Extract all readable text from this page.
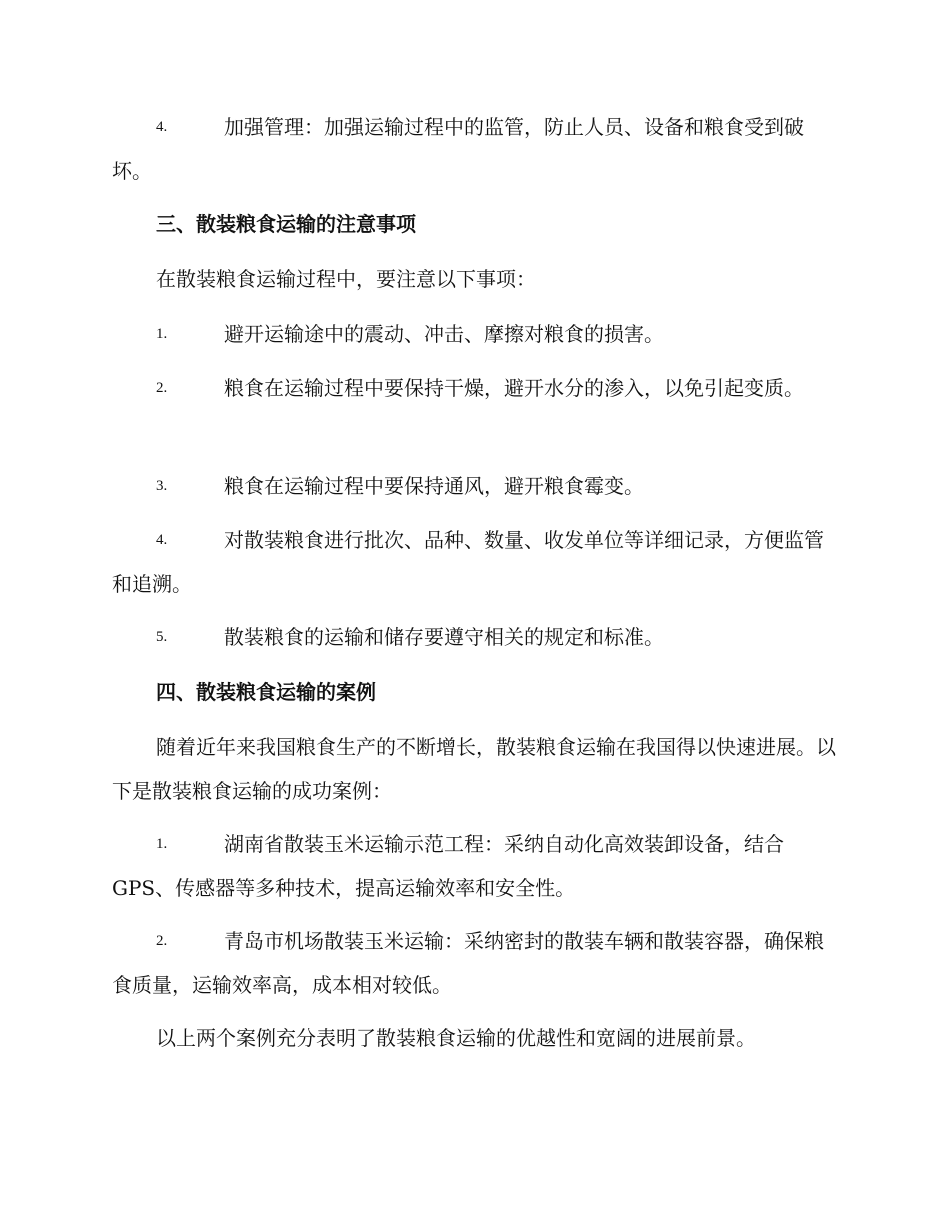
4.	加强管理：加强运输过程中的监管，防止人员、设备和粮食受到破坏。
三、散装粮食运输的注意事项
在散装粮食运输过程中，要注意以下事项：
1.	避开运输途中的震动、冲击、摩擦对粮食的损害。
2.	粮食在运输过程中要保持干燥，避开水分的渗入，以免引起变质。
3.	粮食在运输过程中要保持通风，避开粮食霉变。
4.	对散装粮食进行批次、品种、数量、收发单位等详细记录，方便监管和追溯。
5.	散装粮食的运输和储存要遵守相关的规定和标准。
四、散装粮食运输的案例
随着近年来我国粮食生产的不断增长，散装粮食运输在我国得以快速进展。以下是散装粮食运输的成功案例：
1.	湖南省散装玉米运输示范工程：采纳自动化高效装卸设备，结合GPS、传感器等多种技术，提高运输效率和安全性。
2.	青岛市机场散装玉米运输：采纳密封的散装车辆和散装容器，确保粮食质量，运输效率高，成本相对较低。
以上两个案例充分表明了散装粮食运输的优越性和宽阔的进展前景。
